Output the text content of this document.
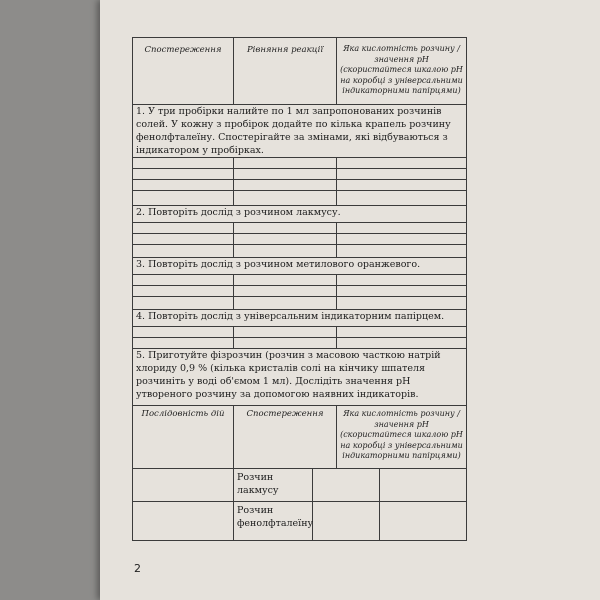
Спостереження	Рівняння реакції	Яка кислотність розчину / значення pH (скористайтеся шкалою pH на коробці з універсальними індикаторними папірцями)

1. У три пробірки налийте по 1 мл запропонованих розчинів солей. У кожну з пробірок додайте по кілька крапель розчину фенолфталеїну. Спостерігайте за змінами, які відбуваються з індикатором у пробірках.		

2. Повторіть дослід з розчином лакмусу.		

3. Повторіть дослід з розчином метилового оранжевого.		

4. Повторіть дослід з універсальним індикаторним папірцем.		

5. Приготуйте фізрозчин (розчин з масовою часткою натрій хлориду 0,9 % (кілька кристалів солі на кінчику шпателя розчиніть у воді об'ємом 1 мл). Дослідіть значення pH утвореного розчину за допомогою наявних індикаторів.		

Послідовність дій	Спостереження	Яка кислотність розчину / значення pH (скористайтеся шкалою pH на коробці з універсальними індикаторними папірцями)

	Розчин лакмусу	

	Розчин фенолфталеїну	
2
